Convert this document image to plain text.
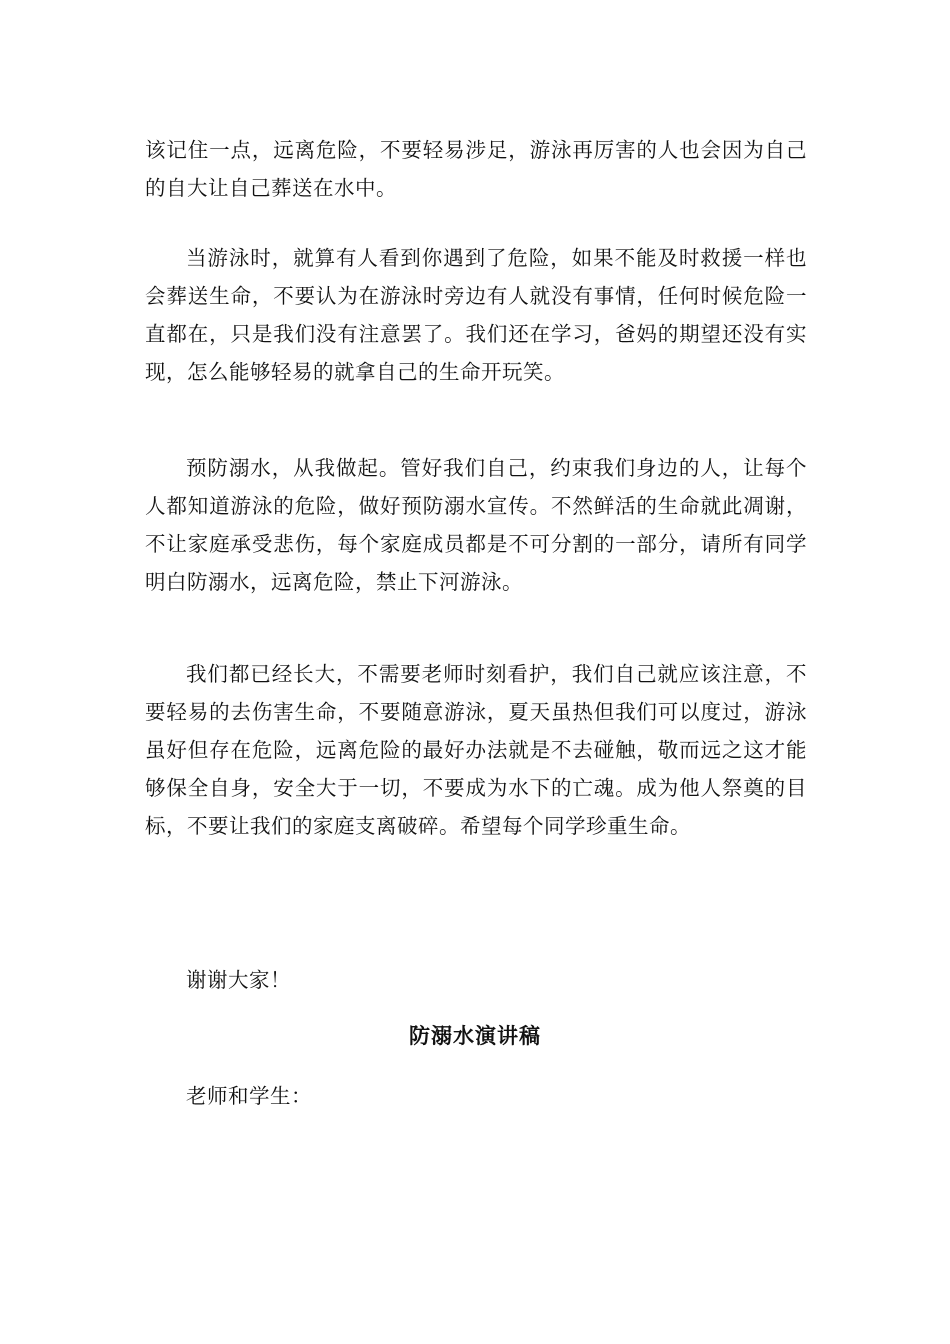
该记住一点，远离危险，不要轻易涉足，游泳再厉害的人也会因为自己的自大让自己葬送在水中。

当游泳时，就算有人看到你遇到了危险，如果不能及时救援一样也会葬送生命，不要认为在游泳时旁边有人就没有事情，任何时候危险一直都在，只是我们没有注意罢了。我们还在学习，爸妈的期望还没有实现，怎么能够轻易的就拿自己的生命开玩笑。

预防溺水，从我做起。管好我们自己，约束我们身边的人，让每个人都知道游泳的危险，做好预防溺水宣传。不然鲜活的生命就此凋谢，不让家庭承受悲伤，每个家庭成员都是不可分割的一部分，请所有同学明白防溺水，远离危险，禁止下河游泳。

我们都已经长大，不需要老师时刻看护，我们自己就应该注意，不要轻易的去伤害生命，不要随意游泳，夏天虽热但我们可以度过，游泳虽好但存在危险，远离危险的最好办法就是不去碰触，敬而远之这才能够保全自身，安全大于一切，不要成为水下的亡魂。成为他人祭奠的目标，不要让我们的家庭支离破碎。希望每个同学珍重生命。

谢谢大家！

防溺水演讲稿

老师和学生：
